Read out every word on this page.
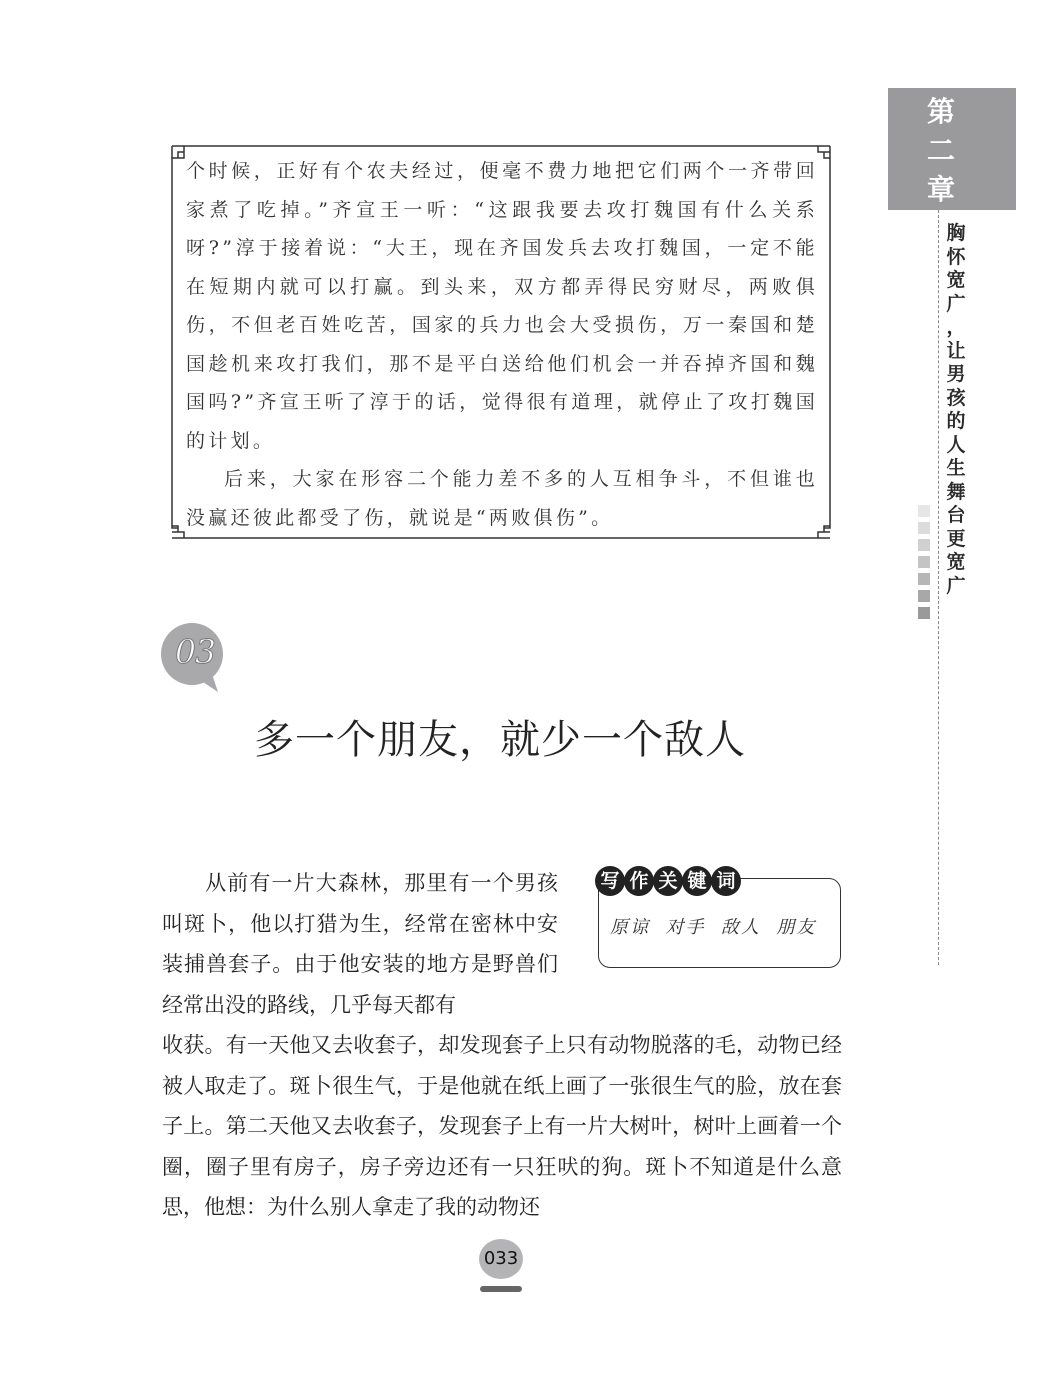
第
二
章
胸
怀
宽
广
，
让
男
孩
的
人
生
舞
台
更
宽
广

个时候，正好有个农夫经过，便毫不费力地把它们两个一齐带回家煮了吃掉。”齐宣王一听：“这跟我要去攻打魏国有什么关系呀?”淳于接着说：“大王，现在齐国发兵去攻打魏国，一定不能在短期内就可以打赢。到头来，双方都弄得民穷财尽，两败俱伤，不但老百姓吃苦，国家的兵力也会大受损伤，万一秦国和楚国趁机来攻打我们，那不是平白送给他们机会一并吞掉齐国和魏国吗?”齐宣王听了淳于的话，觉得很有道理，就停止了攻打魏国的计划。

后来，大家在形容二个能力差不多的人互相争斗，不但谁也没赢还彼此都受了伤，就说是“两败俱伤”。

03
多一个朋友，就少一个敌人
写 作 关 键 词
原谅  对手  敌人  朋友
从前有一片大森林，那里有一个男孩叫斑卜，他以打猎为生，经常在密林中安装捕兽套子。由于他安装的地方是野兽们经常出没的路线，几乎每天都有
收获。有一天他又去收套子，却发现套子上只有动物脱落的毛，动物已经被人取走了。斑卜很生气，于是他就在纸上画了一张很生气的脸，放在套子上。第二天他又去收套子，发现套子上有一片大树叶，树叶上画着一个圈，圈子里有房子，房子旁边还有一只狂吠的狗。斑卜不知道是什么意思，他想：为什么别人拿走了我的动物还
033
